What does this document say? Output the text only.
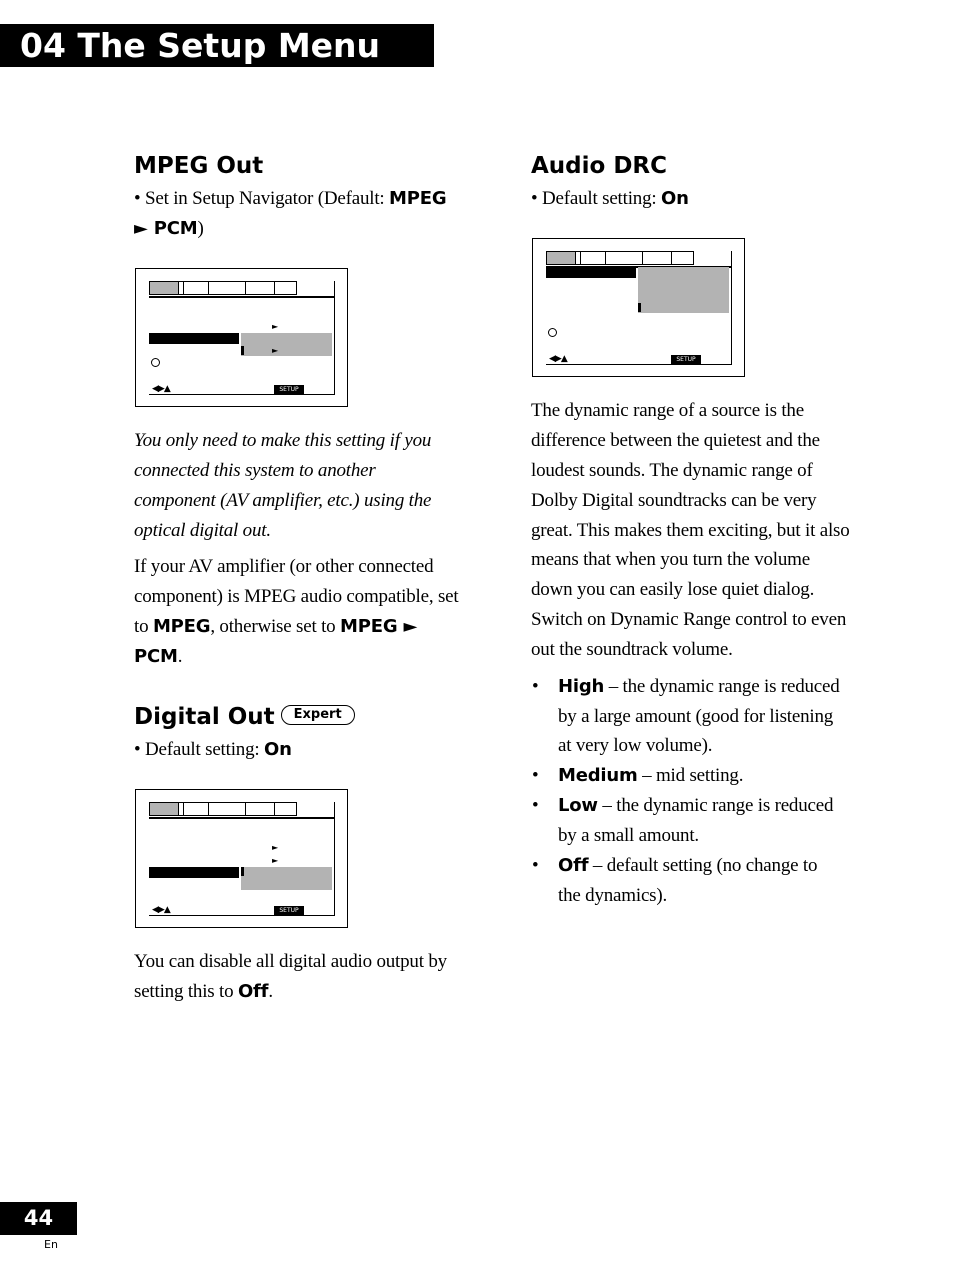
04 The Setup Menu
MPEG Out
• Set in Setup Navigator (Default: MPEG
► PCM)
►
►
◀▶▲	SETUP
You only need to make this setting if you
connected this system to another
component (AV amplifier, etc.) using the
optical digital out.
If your AV amplifier (or other connected
component) is MPEG audio compatible, set
to MPEG, otherwise set to MPEG ►
PCM.
Digital Out Expert
• Default setting: On
►
►
◀▶▲	SETUP
You can disable all digital audio output by
setting this to Off.
Audio DRC
• Default setting: On
◀▶▲	SETUP
The dynamic range of a source is the
difference between the quietest and the
loudest sounds. The dynamic range of
Dolby Digital soundtracks can be very
great. This makes them exciting, but it also
means that when you turn the volume
down you can easily lose quiet dialog.
Switch on Dynamic Range control to even
out the soundtrack volume.
• High – the dynamic range is reduced
by a large amount (good for listening
at very low volume).
• Medium – mid setting.
• Low – the dynamic range is reduced
by a small amount.
• Off – default setting (no change to
the dynamics).
44
En
